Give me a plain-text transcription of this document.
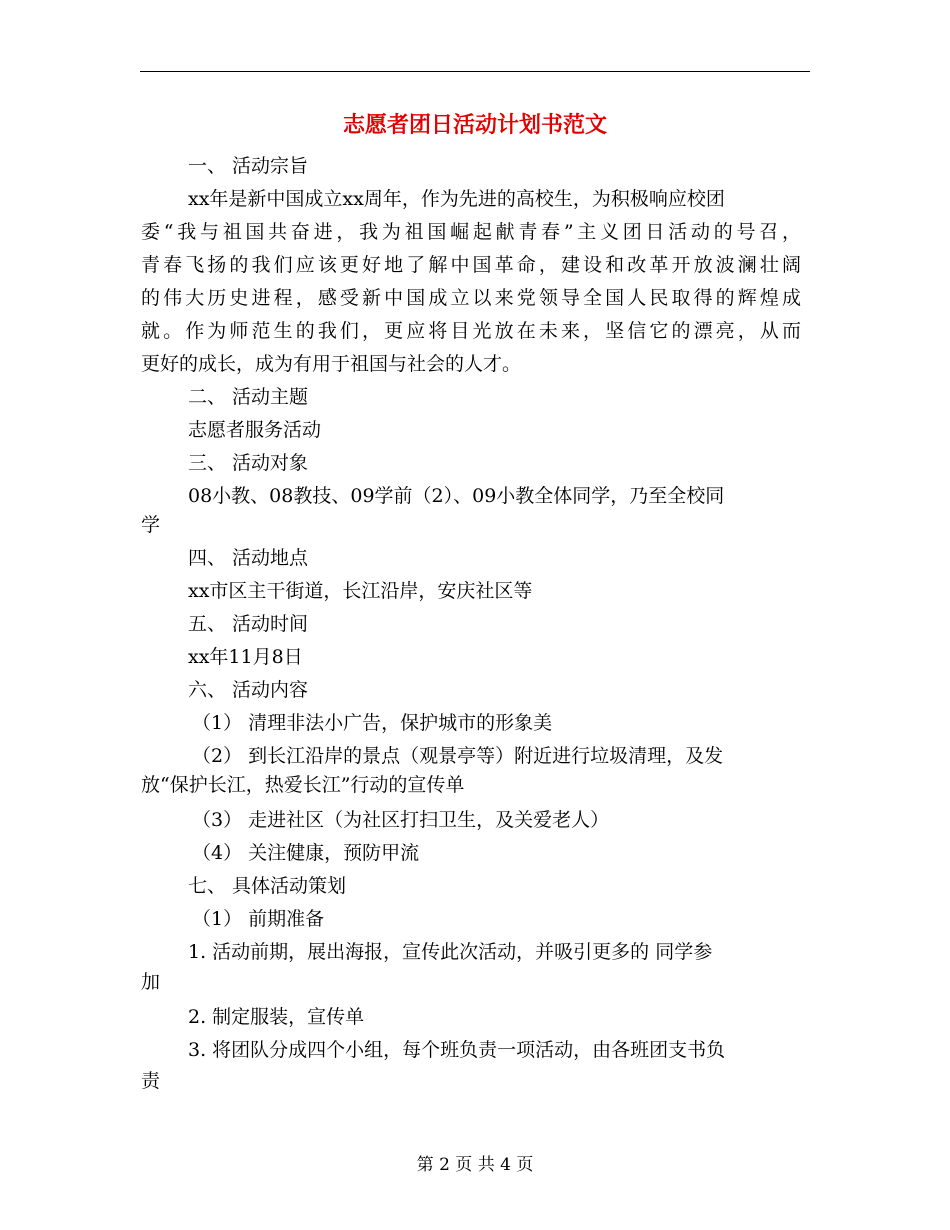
志愿者团日活动计划书范文
一、 活动宗旨
xx年是新中国成立xx周年，作为先进的高校生，为积极响应校团
委“我与祖国共奋进，我为祖国崛起献青春”主义团日活动的号召，
青春飞扬的我们应该更好地了解中国革命，建设和改革开放波澜壮阔
的伟大历史进程，感受新中国成立以来党领导全国人民取得的辉煌成
就。作为师范生的我们，更应将目光放在未来，坚信它的漂亮，从而
更好的成长，成为有用于祖国与社会的人才。
二、 活动主题
志愿者服务活动
三、 活动对象
08小教、08教技、09学前（2）、09小教全体同学，乃至全校同
学
四、 活动地点
xx市区主干街道，长江沿岸，安庆社区等
五、 活动时间
xx年11月8日
六、 活动内容
（1） 清理非法小广告，保护城市的形象美
（2） 到长江沿岸的景点（观景亭等）附近进行垃圾清理，及发
放“保护长江，热爱长江”行动的宣传单
（3） 走进社区（为社区打扫卫生，及关爱老人）
（4） 关注健康，预防甲流
七、 具体活动策划
（1） 前期准备
1. 活动前期，展出海报，宣传此次活动，并吸引更多的 同学参
加
2. 制定服装，宣传单
3. 将团队分成四个小组，每个班负责一项活动，由各班团支书负
责
第 2 页 共 4 页
